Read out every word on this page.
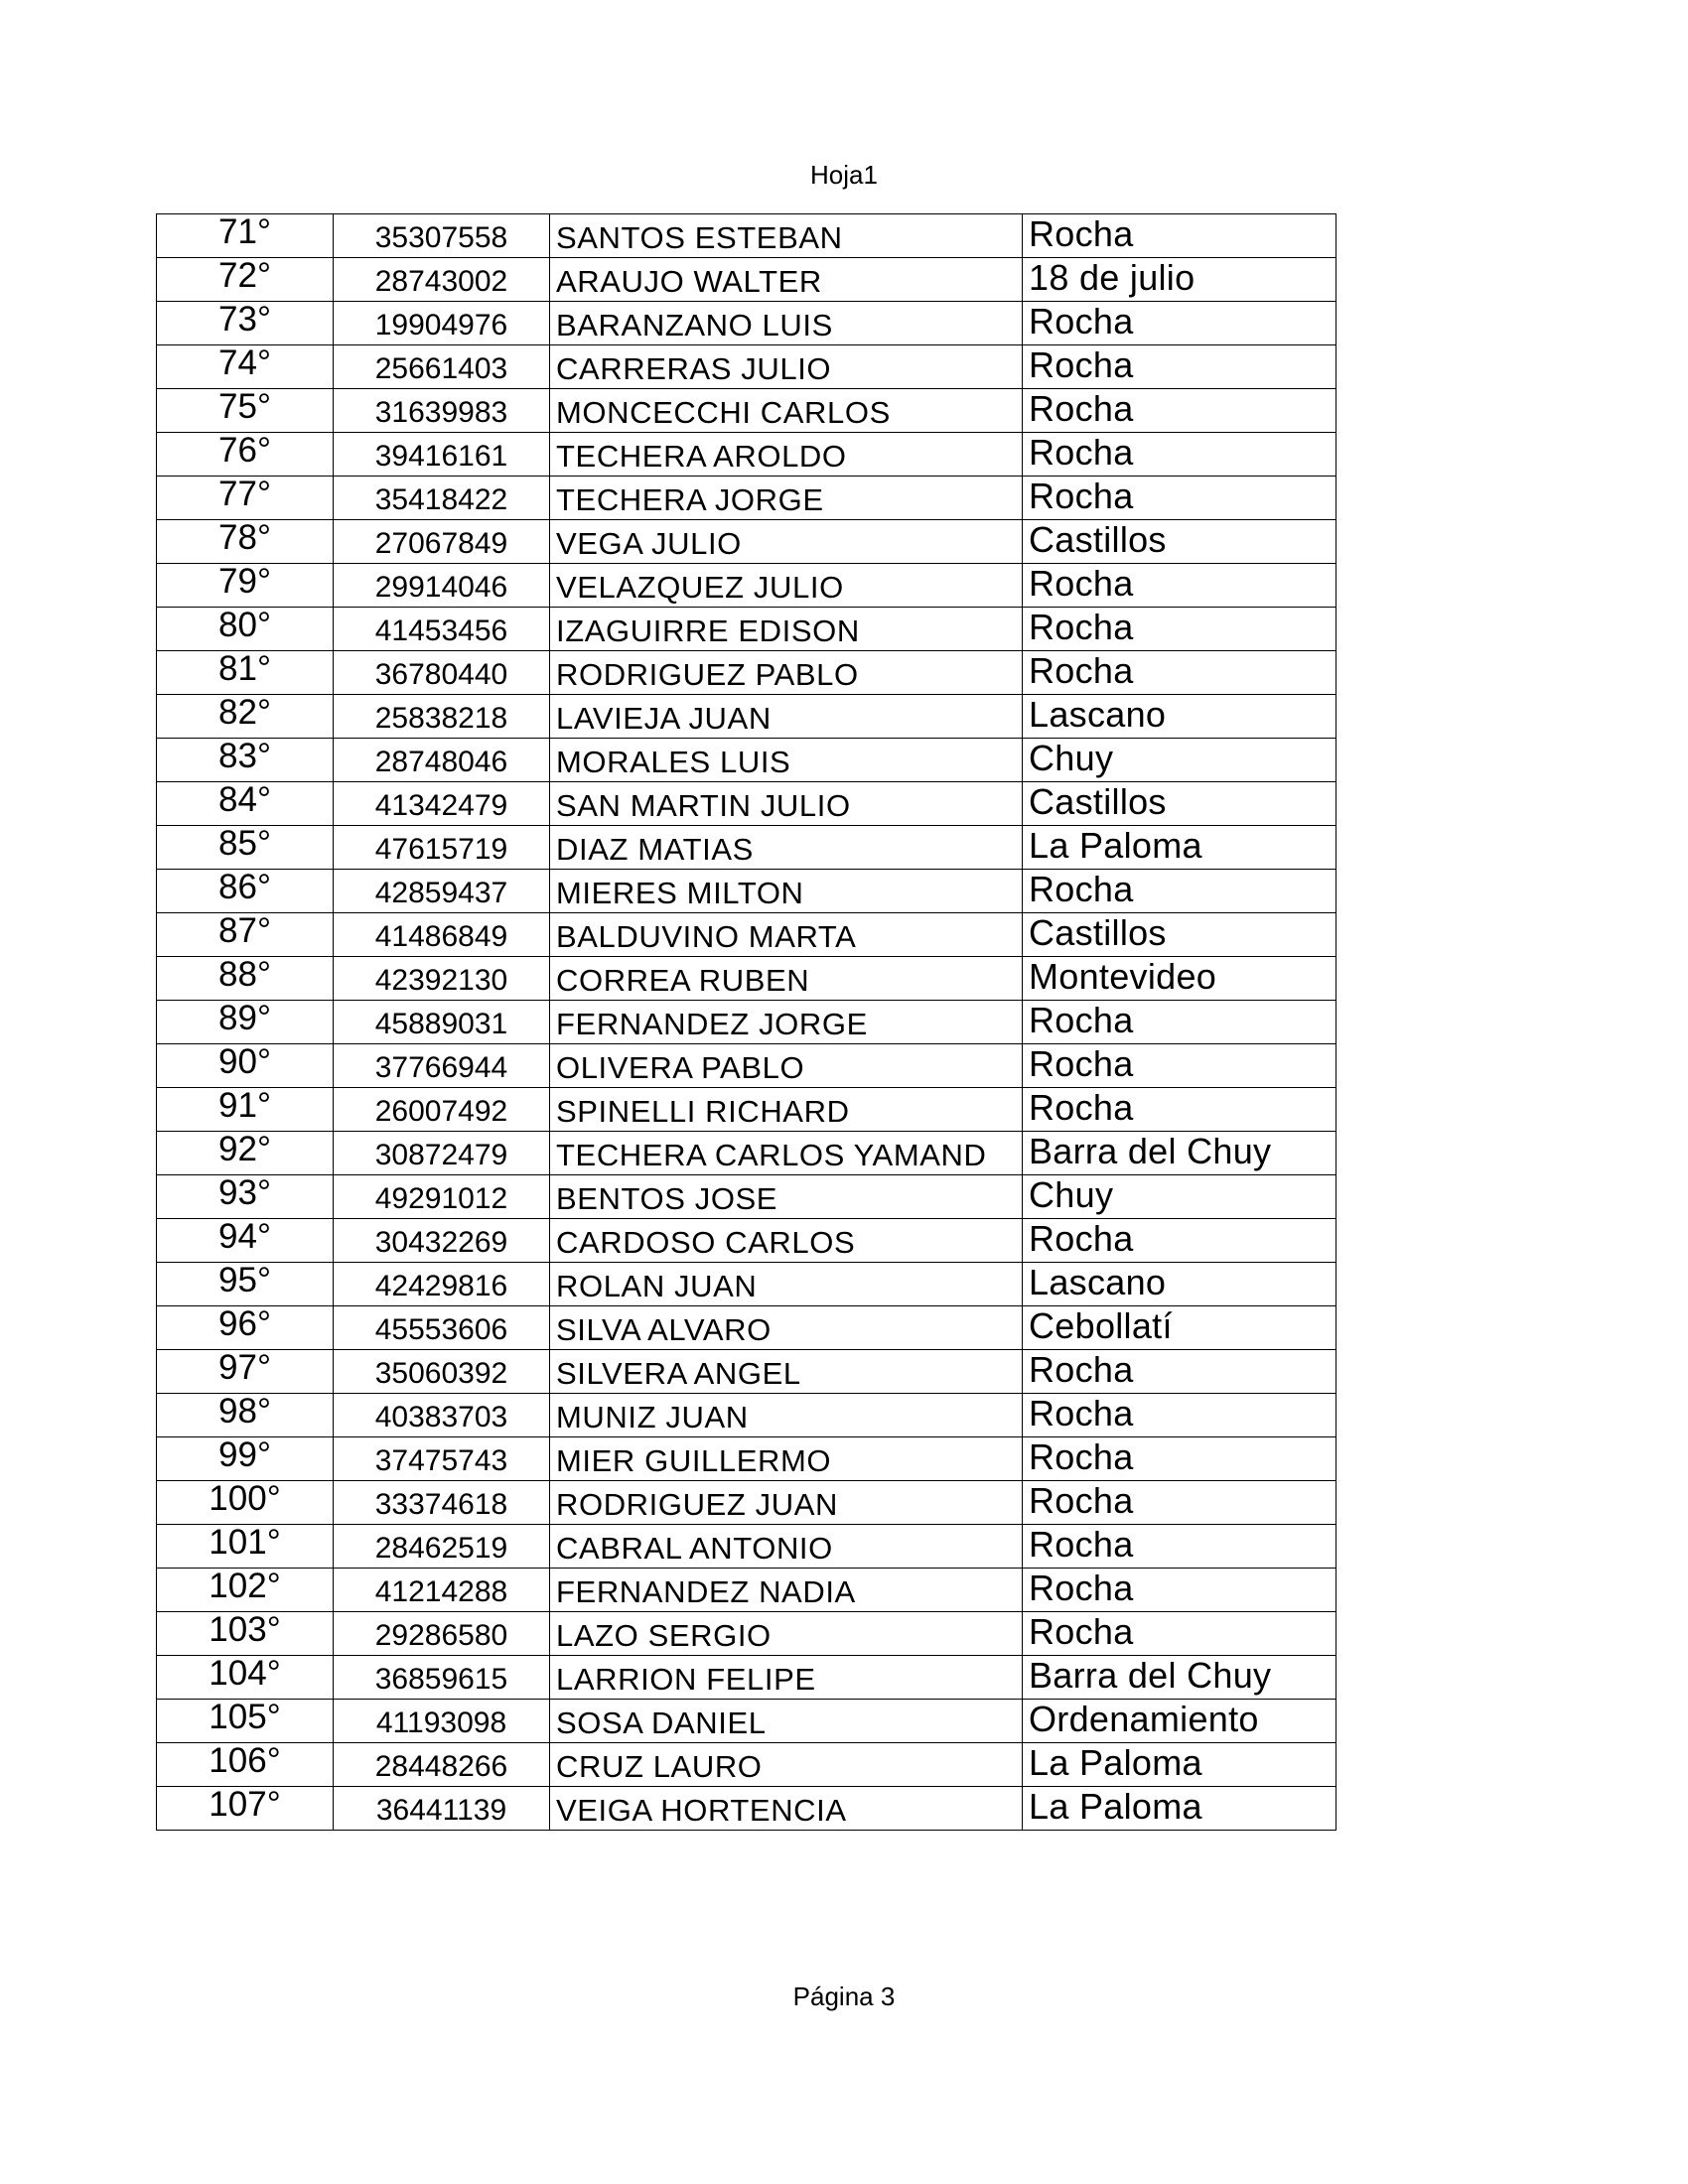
Hoja1
71°	35307558	SANTOS ESTEBAN	Rocha
72°	28743002	ARAUJO WALTER	18 de julio
73°	19904976	BARANZANO LUIS	Rocha
74°	25661403	CARRERAS JULIO	Rocha
75°	31639983	MONCECCHI CARLOS	Rocha
76°	39416161	TECHERA AROLDO	Rocha
77°	35418422	TECHERA JORGE	Rocha
78°	27067849	VEGA JULIO	Castillos
79°	29914046	VELAZQUEZ JULIO	Rocha
80°	41453456	IZAGUIRRE EDISON	Rocha
81°	36780440	RODRIGUEZ PABLO	Rocha
82°	25838218	LAVIEJA JUAN	Lascano
83°	28748046	MORALES LUIS	Chuy
84°	41342479	SAN MARTIN JULIO	Castillos
85°	47615719	DIAZ MATIAS	La Paloma
86°	42859437	MIERES MILTON	Rocha
87°	41486849	BALDUVINO MARTA	Castillos
88°	42392130	CORREA RUBEN	Montevideo
89°	45889031	FERNANDEZ JORGE	Rocha
90°	37766944	OLIVERA PABLO	Rocha
91°	26007492	SPINELLI RICHARD	Rocha
92°	30872479	TECHERA CARLOS YAMAND	Barra del Chuy
93°	49291012	BENTOS JOSE	Chuy
94°	30432269	CARDOSO CARLOS	Rocha
95°	42429816	ROLAN JUAN	Lascano
96°	45553606	SILVA ALVARO	Cebollatí
97°	35060392	SILVERA ANGEL	Rocha
98°	40383703	MUNIZ JUAN	Rocha
99°	37475743	MIER GUILLERMO	Rocha
100°	33374618	RODRIGUEZ JUAN	Rocha
101°	28462519	CABRAL ANTONIO	Rocha
102°	41214288	FERNANDEZ NADIA	Rocha
103°	29286580	LAZO SERGIO	Rocha
104°	36859615	LARRION FELIPE	Barra del Chuy
105°	41193098	SOSA DANIEL	Ordenamiento
106°	28448266	CRUZ LAURO	La Paloma
107°	36441139	VEIGA HORTENCIA	La Paloma
Página 3
